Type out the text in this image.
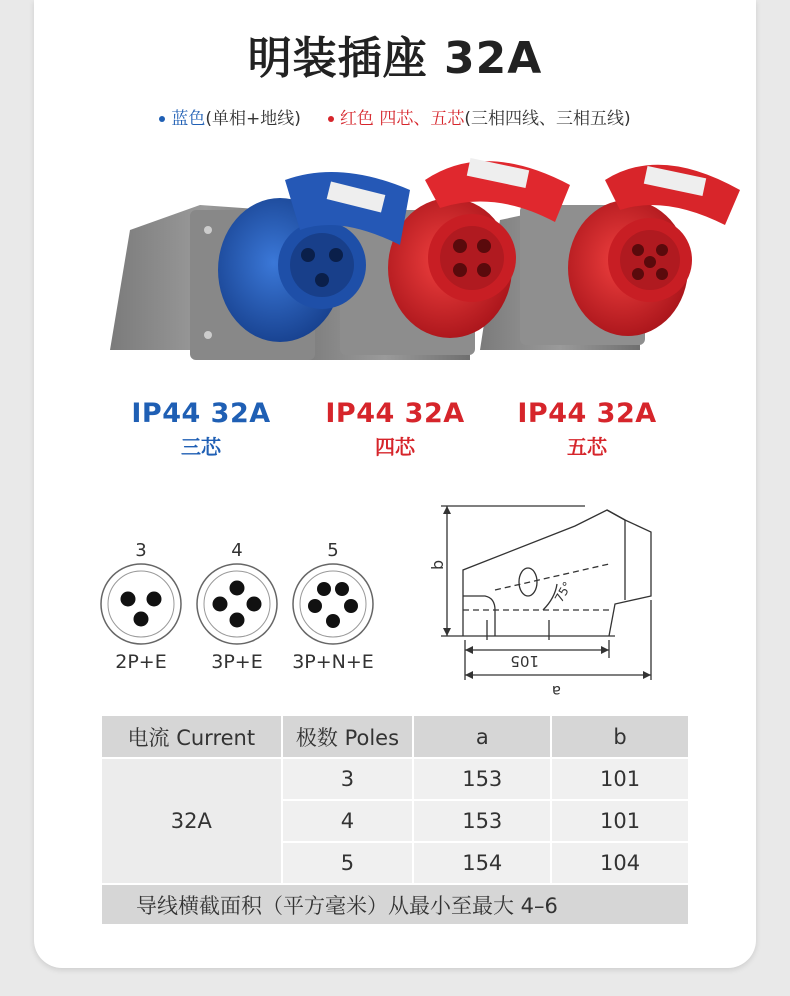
明装插座 32A
蓝色(单相+地线) 红色 四芯、五芯(三相四线、三相五线)
IP44 32A
三芯
IP44 32A
四芯
IP44 32A
五芯
3
2P+E
4
3P+E
5
3P+N+E
b
105
a
75°
电流 Current	极数 Poles	a	b
32A	3	153	101
	4	153	101
	5	154	104
导线横截面积（平方毫米）从最小至最大 4–6			
